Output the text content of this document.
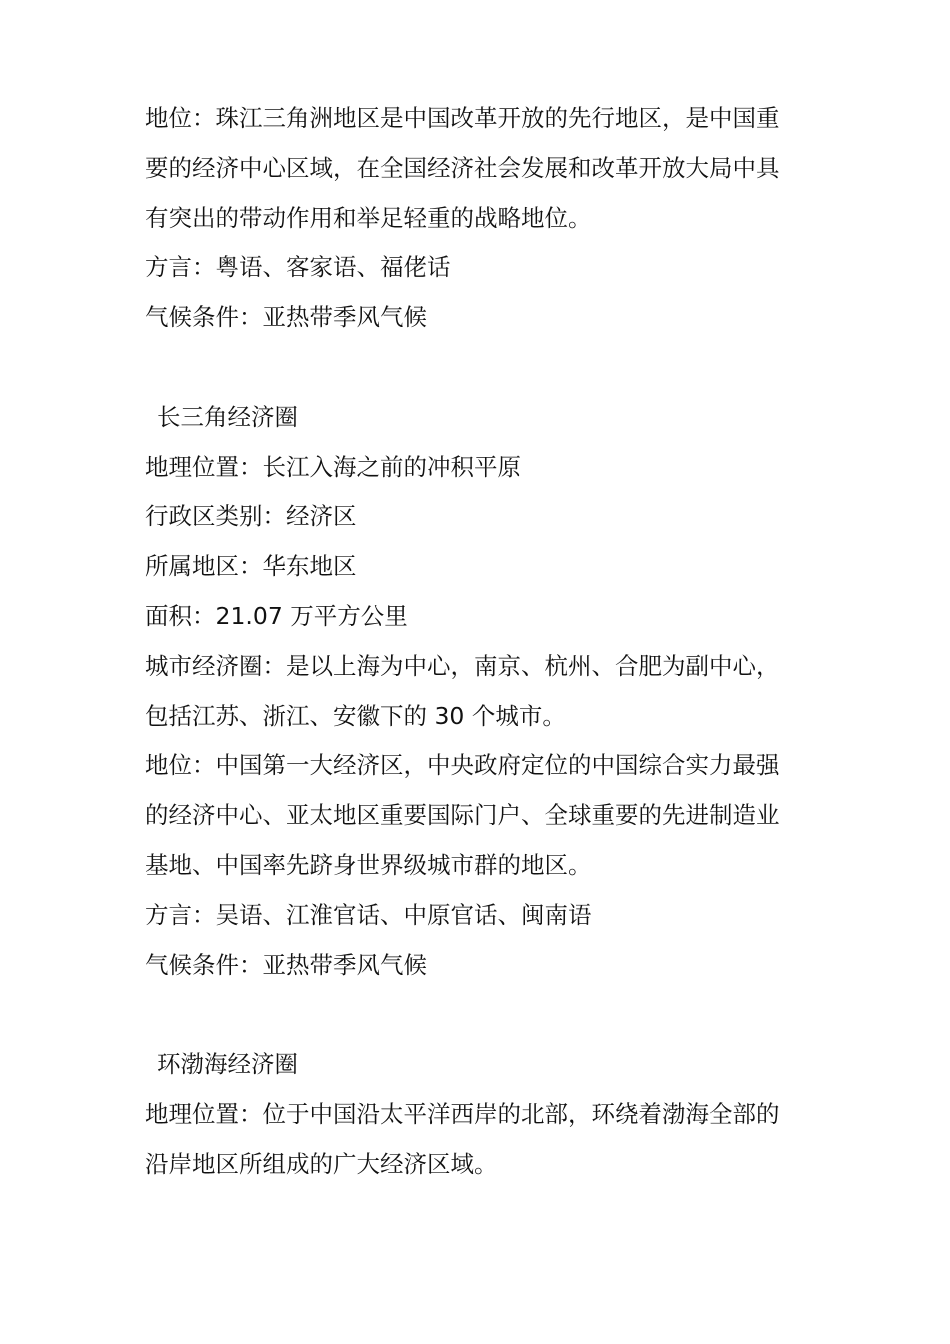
地位：珠江三角洲地区是中国改革开放的先行地区，是中国重要的经济中心区域，在全国经济社会发展和改革开放大局中具有突出的带动作用和举足轻重的战略地位。

方言：粤语、客家语、福佬话

气候条件：亚热带季风气候

长三角经济圈

地理位置：长江入海之前的冲积平原

行政区类别：经济区

所属地区：华东地区

面积：21.07 万平方公里

城市经济圈：是以上海为中心，南京、杭州、合肥为副中心，包括江苏、浙江、安徽下的 30 个城市。

地位：中国第一大经济区，中央政府定位的中国综合实力最强的经济中心、亚太地区重要国际门户、全球重要的先进制造业基地、中国率先跻身世界级城市群的地区。

方言：吴语、江淮官话、中原官话、闽南语

气候条件：亚热带季风气候

环渤海经济圈

地理位置：位于中国沿太平洋西岸的北部，环绕着渤海全部的沿岸地区所组成的广大经济区域。
